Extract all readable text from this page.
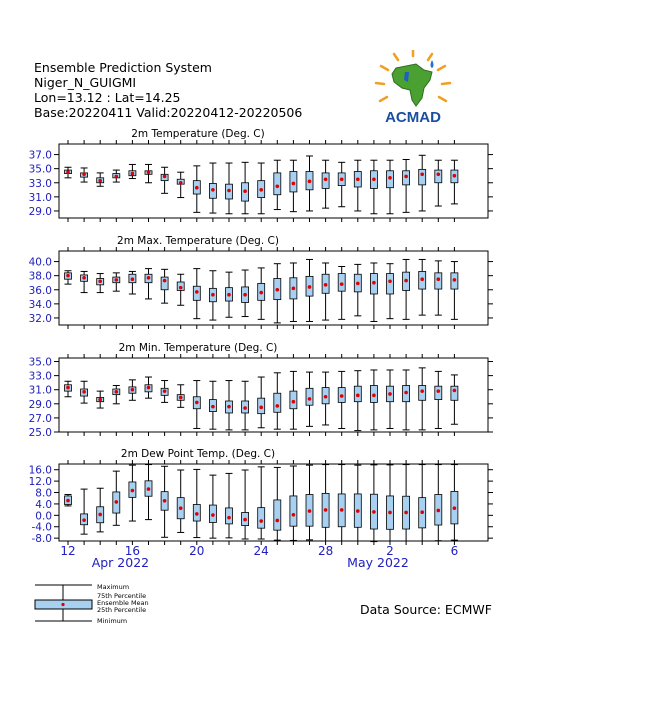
Ensemble Prediction System
Niger_N_GUIGMI
Lon=13.12 : Lat=14.25
Base:20220411 Valid:20220412-20220506	ACMAD
2m Temperature (Deg. C)
37.0
35.0
33.0
31.0
29.0
2m Max. Temperature (Deg. C)
40.0
38.0
36.0
34.0
32.0
2m Min. Temperature (Deg. C)
35.0
33.0
31.0
29.0
27.0
25.0
2m Dew Point Temp. (Deg. C)
16.0
12.0
8.0
4.0
0.0
-4.0
-8.0
12	16	20	24	28	2	6
Apr 2022	May 2022
Maximum
75th Percentile
Ensemble Mean
25th Percentile
Minimum
Data Source: ECMWF
